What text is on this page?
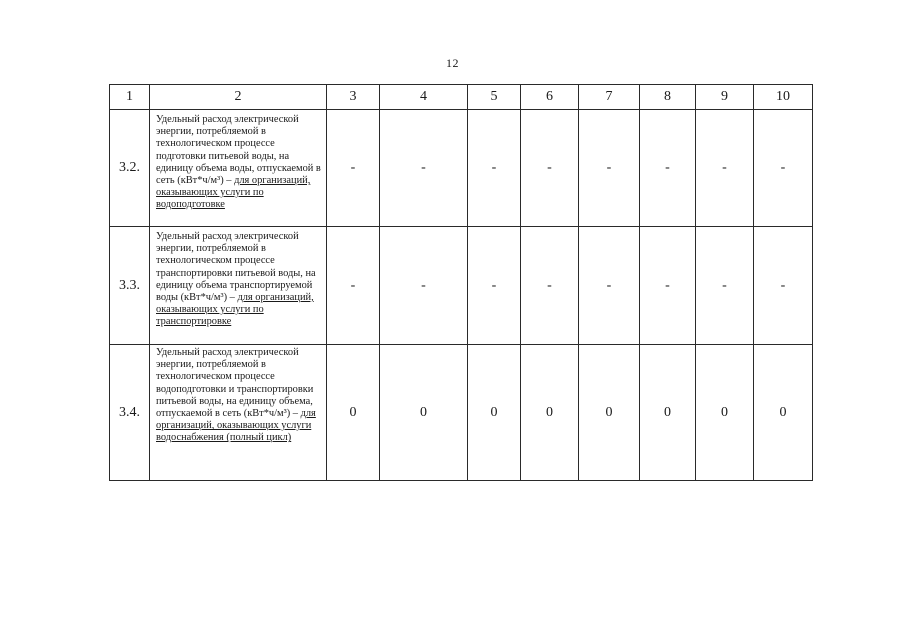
12
1	2	3	4	5	6	7	8	9	10
3.2.	Удельный расход электрической энергии, потребляемой в технологическом процессе подготовки питьевой воды, на единицу объема воды, отпускаемой в сеть (кВт*ч/м³) – для организаций, оказывающих услуги по водоподготовке	-	-	-	-	-	-	-	-
3.3.	Удельный расход электрической энергии, потребляемой в технологическом процессе транспортировки питьевой воды, на единицу объема транспортируемой воды (кВт*ч/м³) – для организаций, оказывающих услуги по транспортировке	-	-	-	-	-	-	-	-
3.4.	Удельный расход электрической энергии, потребляемой в технологическом процессе водоподготовки и транспортировки питьевой воды, на единицу объема, отпускаемой в сеть (кВт*ч/м³) – для организаций, оказывающих услуги водоснабжения (полный цикл)	0	0	0	0	0	0	0	0
